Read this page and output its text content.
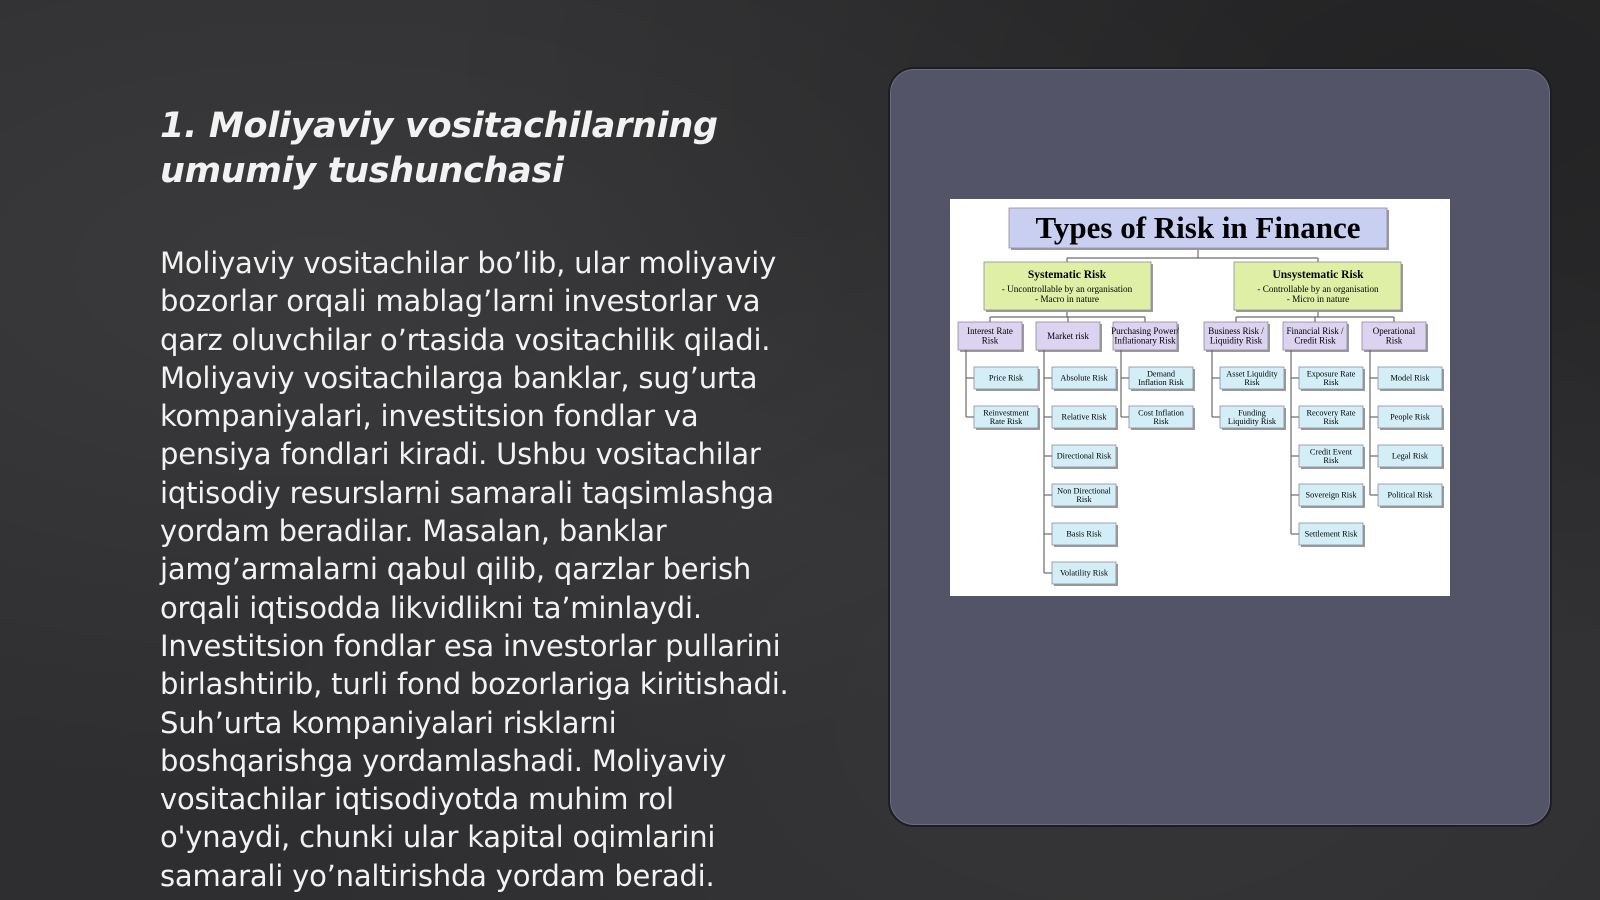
1. Moliyaviy vositachilarning umumiy tushunchasi
Moliyaviy vositachilar bo’lib, ular moliyaviy
bozorlar orqali mablag’larni investorlar va
qarz oluvchilar o’rtasida vositachilik qiladi.
Moliyaviy vositachilarga banklar, sug’urta
kompaniyalari, investitsion fondlar va
pensiya fondlari kiradi. Ushbu vositachilar
iqtisodiy resurslarni samarali taqsimlashga
yordam beradilar. Masalan, banklar
jamg’armalarni qabul qilib, qarzlar berish
orqali iqtisodda likvidlikni ta’minlaydi.
Investitsion fondlar esa investorlar pullarini
birlashtirib, turli fond bozorlariga kiritishadi.
Suh’urta kompaniyalari risklarni
boshqarishga yordamlashadi. Moliyaviy
vositachilar iqtisodiyotda muhim rol
o'ynaydi, chunki ular kapital oqimlarini
samarali yo’naltirishda yordam beradi.
Types of Risk in Finance
Systematic Risk
- Uncontrollable by an organisation
- Macro in nature
Unsystematic Risk
- Controllable by an organisation
- Micro in nature
Interest Rate
Risk
Price Risk
Reinvestment
Rate Risk
Market risk
Absolute Risk
Relative Risk
Directional Risk
Non Directional
Risk
Basis Risk
Volatility Risk
Purchasing Power/
Inflationary Risk
Demand
Inflation Risk
Cost Inflation
Risk
Business Risk /
Liquidity Risk
Asset Liquidity
Risk
Funding
Liquidity Risk
Financial Risk /
Credit Risk
Exposure Rate
Risk
Recovery Rate
Risk
Credit Event
Risk
Sovereign Risk
Settlement Risk
Operational
Risk
Model Risk
People Risk
Legal Risk
Political Risk
